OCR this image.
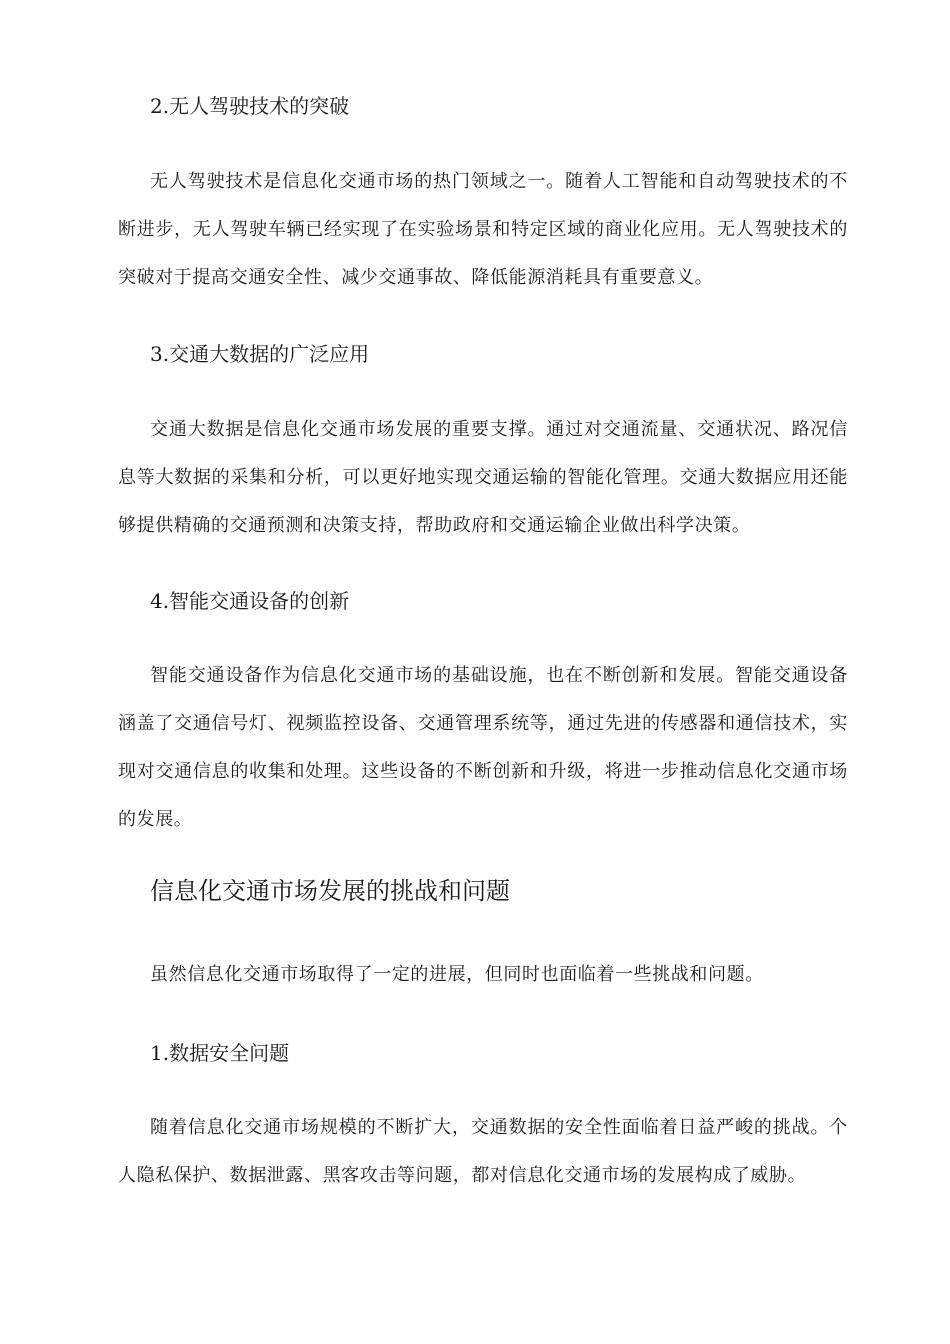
2.无人驾驶技术的突破
无人驾驶技术是信息化交通市场的热门领域之一。随着人工智能和自动驾驶技术的不断进步，无人驾驶车辆已经实现了在实验场景和特定区域的商业化应用。无人驾驶技术的突破对于提高交通安全性、减少交通事故、降低能源消耗具有重要意义。
3.交通大数据的广泛应用
交通大数据是信息化交通市场发展的重要支撑。通过对交通流量、交通状况、路况信息等大数据的采集和分析，可以更好地实现交通运输的智能化管理。交通大数据应用还能够提供精确的交通预测和决策支持，帮助政府和交通运输企业做出科学决策。
4.智能交通设备的创新
智能交通设备作为信息化交通市场的基础设施，也在不断创新和发展。智能交通设备涵盖了交通信号灯、视频监控设备、交通管理系统等，通过先进的传感器和通信技术，实现对交通信息的收集和处理。这些设备的不断创新和升级，将进一步推动信息化交通市场的发展。
信息化交通市场发展的挑战和问题
虽然信息化交通市场取得了一定的进展，但同时也面临着一些挑战和问题。
1.数据安全问题
随着信息化交通市场规模的不断扩大，交通数据的安全性面临着日益严峻的挑战。个人隐私保护、数据泄露、黑客攻击等问题，都对信息化交通市场的发展构成了威胁。
